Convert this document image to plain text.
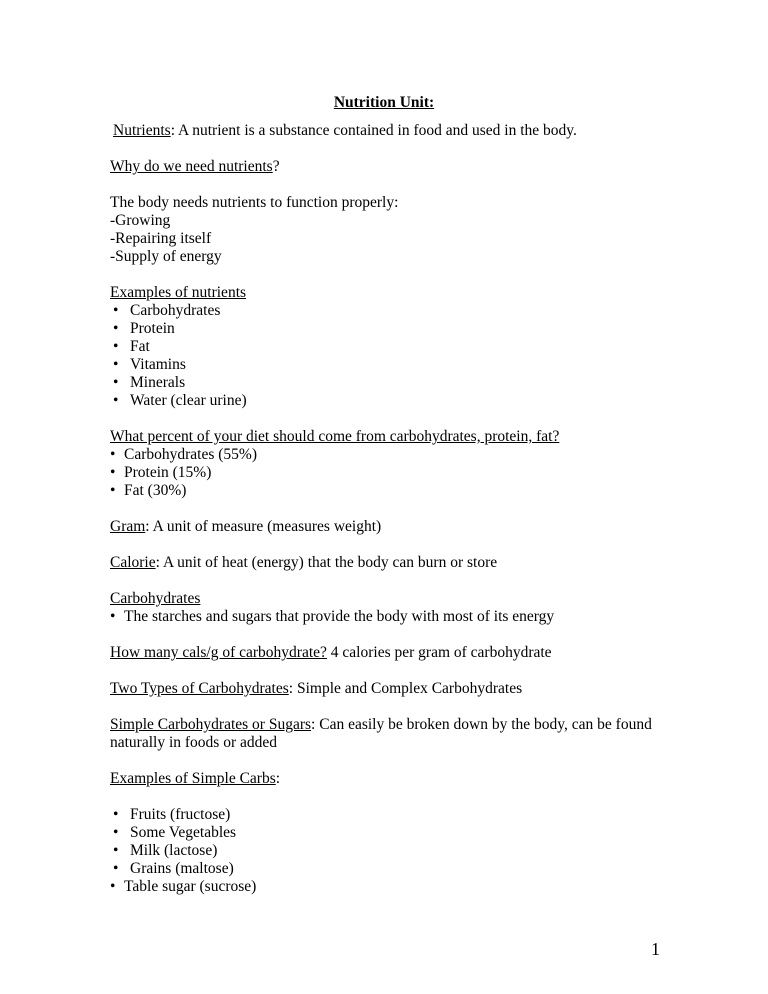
Nutrition Unit:

Nutrients: A nutrient is a substance contained in food and used in the body.

Why do we need nutrients?

The body needs nutrients to function properly:
-Growing
-Repairing itself
-Supply of energy
Examples of nutrients
• Carbohydrates
• Protein
• Fat
• Vitamins
• Minerals
• Water (clear urine)
What percent of your diet should come from carbohydrates, protein, fat?
• Carbohydrates (55%)
• Protein (15%)
• Fat (30%)

Gram: A unit of measure (measures weight)

Calorie: A unit of heat (energy) that the body can burn or store

Carbohydrates
• The starches and sugars that provide the body with most of its energy

How many cals/g of carbohydrate? 4 calories per gram of carbohydrate

Two Types of Carbohydrates: Simple and Complex Carbohydrates

Simple Carbohydrates or Sugars: Can easily be broken down by the body, can be found
naturally in foods or added

Examples of Simple Carbs:

• Fruits (fructose)
• Some Vegetables
• Milk (lactose)
• Grains (maltose)
• Table sugar (sucrose)
1
